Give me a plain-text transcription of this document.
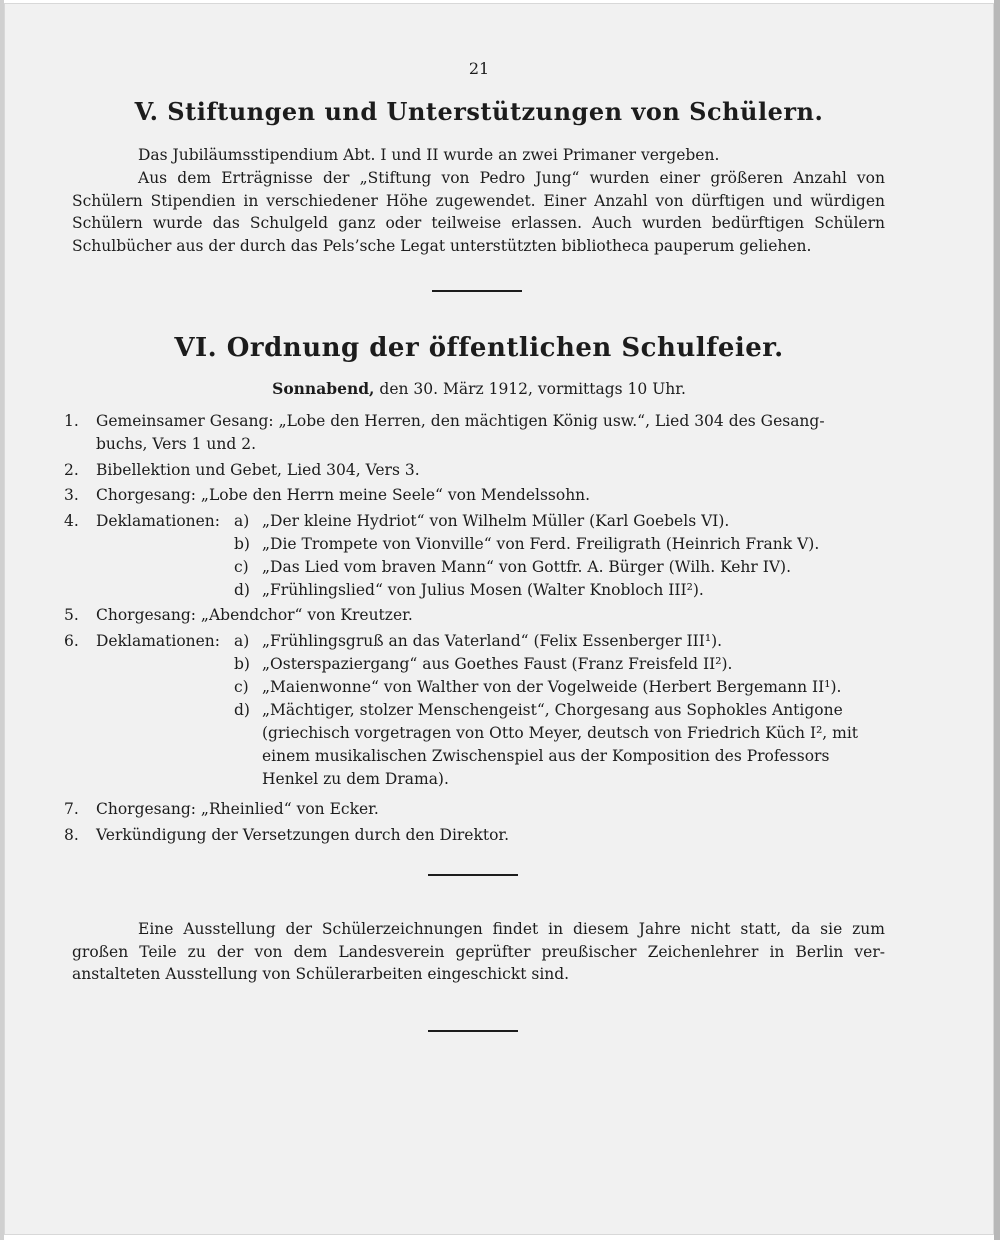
21
V. Stiftungen und Unterstützungen von Schülern.
Das Jubiläumsstipendium Abt. I und II wurde an zwei Primaner vergeben.
Aus dem Erträgnisse der „Stiftung von Pedro Jung“ wurden einer größeren Anzahl von
Schülern Stipendien in verschiedener Höhe zugewendet. Einer Anzahl von dürftigen und würdigen
Schülern wurde das Schulgeld ganz oder teilweise erlassen. Auch wurden bedürftigen Schülern
Schulbücher aus der durch das Pels’sche Legat unterstützten bibliotheca pauperum geliehen.
VI. Ordnung der öffentlichen Schulfeier.
Sonnabend, den 30. März 1912, vormittags 10 Uhr.
1. Gemeinsamer Gesang: „Lobe den Herren, den mächtigen König usw.“, Lied 304 des Gesang-
buchs, Vers 1 und 2.
2. Bibellektion und Gebet, Lied 304, Vers 3.
3. Chorgesang: „Lobe den Herrn meine Seele“ von Mendelssohn.
4. Deklamationen: a) „Der kleine Hydriot“ von Wilhelm Müller (Karl Goebels VI).
b) „Die Trompete von Vionville“ von Ferd. Freiligrath (Heinrich Frank V).
c) „Das Lied vom braven Mann“ von Gottfr. A. Bürger (Wilh. Kehr IV).
d) „Frühlingslied“ von Julius Mosen (Walter Knobloch III²).
5. Chorgesang: „Abendchor“ von Kreutzer.
6. Deklamationen: a) „Frühlingsgruß an das Vaterland“ (Felix Essenberger III¹).
b) „Osterspaziergang“ aus Goethes Faust (Franz Freisfeld II²).
c) „Maienwonne“ von Walther von der Vogelweide (Herbert Bergemann II¹).
d) „Mächtiger, stolzer Menschengeist“, Chorgesang aus Sophokles Antigone
(griechisch vorgetragen von Otto Meyer, deutsch von Friedrich Küch I², mit
einem musikalischen Zwischenspiel aus der Komposition des Professors
Henkel zu dem Drama).
7. Chorgesang: „Rheinlied“ von Ecker.
8. Verkündigung der Versetzungen durch den Direktor.
Eine Ausstellung der Schülerzeichnungen findet in diesem Jahre nicht statt, da sie zum
großen Teile zu der von dem Landesverein geprüfter preußischer Zeichenlehrer in Berlin ver-
anstalteten Ausstellung von Schülerarbeiten eingeschickt sind.
